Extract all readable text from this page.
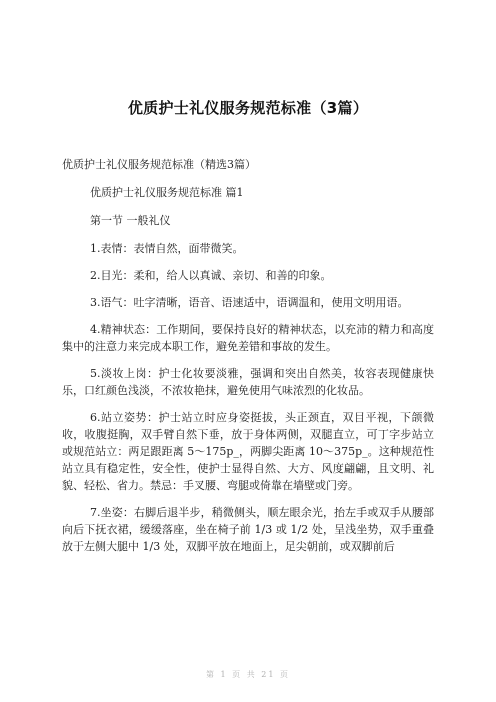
优质护士礼仪服务规范标准（3篇）

优质护士礼仪服务规范标准（精选3篇）

优质护士礼仪服务规范标准 篇1

第一节 一般礼仪

1.表情：表情自然，面带微笑。

2.目光：柔和，给人以真诚、亲切、和善的印象。

3.语气：吐字清晰，语音、语速适中，语调温和，使用文明用语。

4.精神状态：工作期间，要保持良好的精神状态，以充沛的精力和高度集中的注意力来完成本职工作，避免差错和事故的发生。

5.淡妆上岗：护士化妆要淡雅，强调和突出自然美，妆容表现健康快乐，口红颜色浅淡，不浓妆艳抹，避免使用气味浓烈的化妆品。

6.站立姿势：护士站立时应身姿挺拔，头正颈直，双目平视，下颌微收，收腹挺胸，双手臂自然下垂，放于身体两侧，双腿直立，可丁字步站立或规范站立：两足跟距离 5～175p_，两脚尖距离 10～375p_。这种规范性站立具有稳定性，安全性，使护士显得自然、大方、风度翩翩，且文明、礼貌、轻松、省力。禁忌：手叉腰、弯腿或倚靠在墙壁或门旁。

7.坐姿：右脚后退半步，稍微侧头，顺左眼余光，抬左手或双手从腰部向后下抚衣裙，缓缓落座，坐在椅子前 1/3 或 1/2 处，呈浅坐势，双手重叠放于左侧大腿中 1/3 处，双脚平放在地面上，足尖朝前，或双脚前后

第 1 页 共 21 页
